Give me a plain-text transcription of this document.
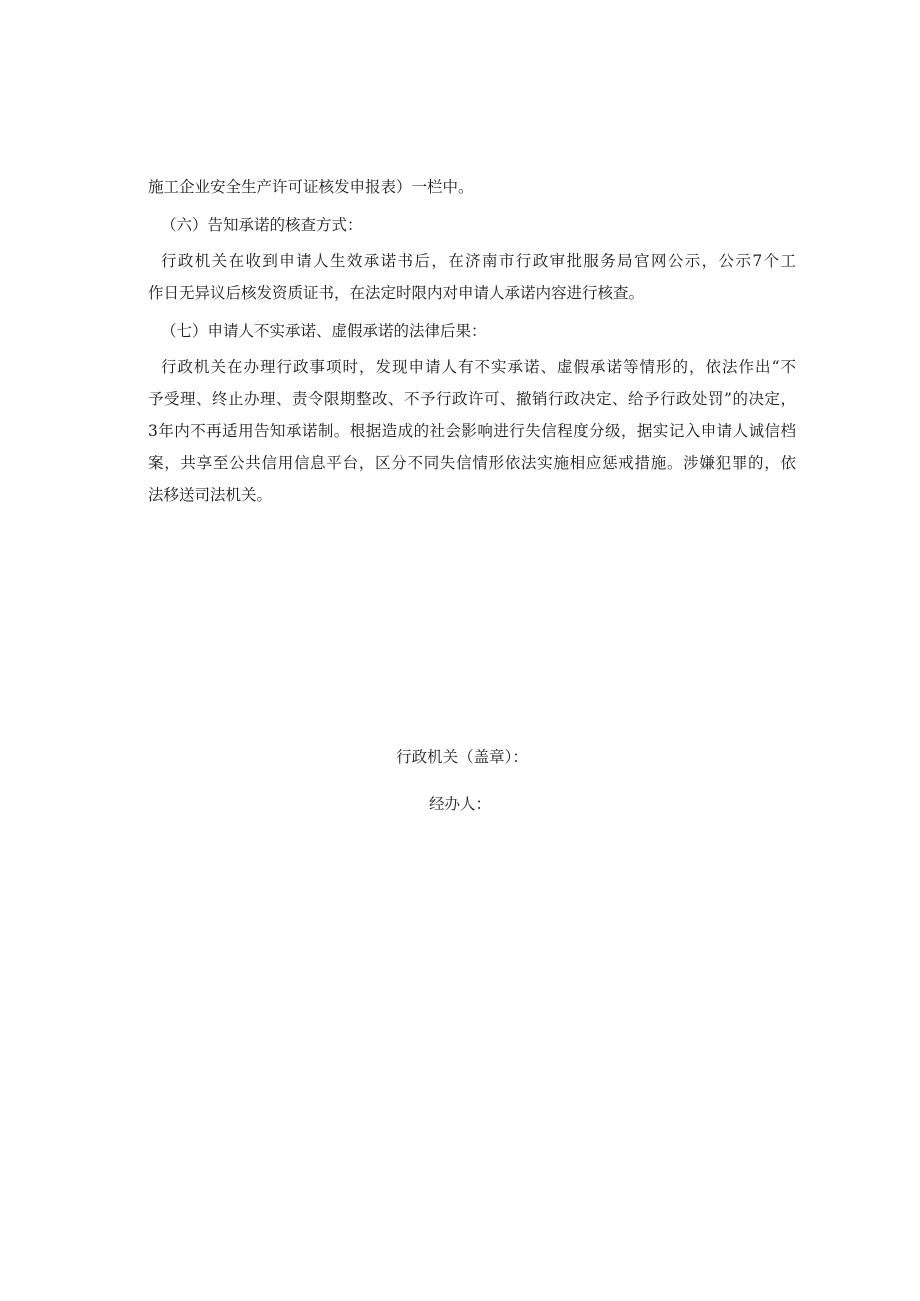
施工企业安全生产许可证核发申报表）一栏中。

（六）告知承诺的核查方式：

行政机关在收到申请人生效承诺书后，在济南市行政审批服务局官网公示，公示7个工

作日无异议后核发资质证书，在法定时限内对申请人承诺内容进行核查。

（七）申请人不实承诺、虚假承诺的法律后果：

行政机关在办理行政事项时，发现申请人有不实承诺、虚假承诺等情形的，依法作出“不

予受理、终止办理、责令限期整改、不予行政许可、撤销行政决定、给予行政处罚”的决定，

3年内不再适用告知承诺制。根据造成的社会影响进行失信程度分级，据实记入申请人诚信档

案，共享至公共信用信息平台，区分不同失信情形依法实施相应惩戒措施。涉嫌犯罪的，依

法移送司法机关。

行政机关（盖章）：
经办人：
